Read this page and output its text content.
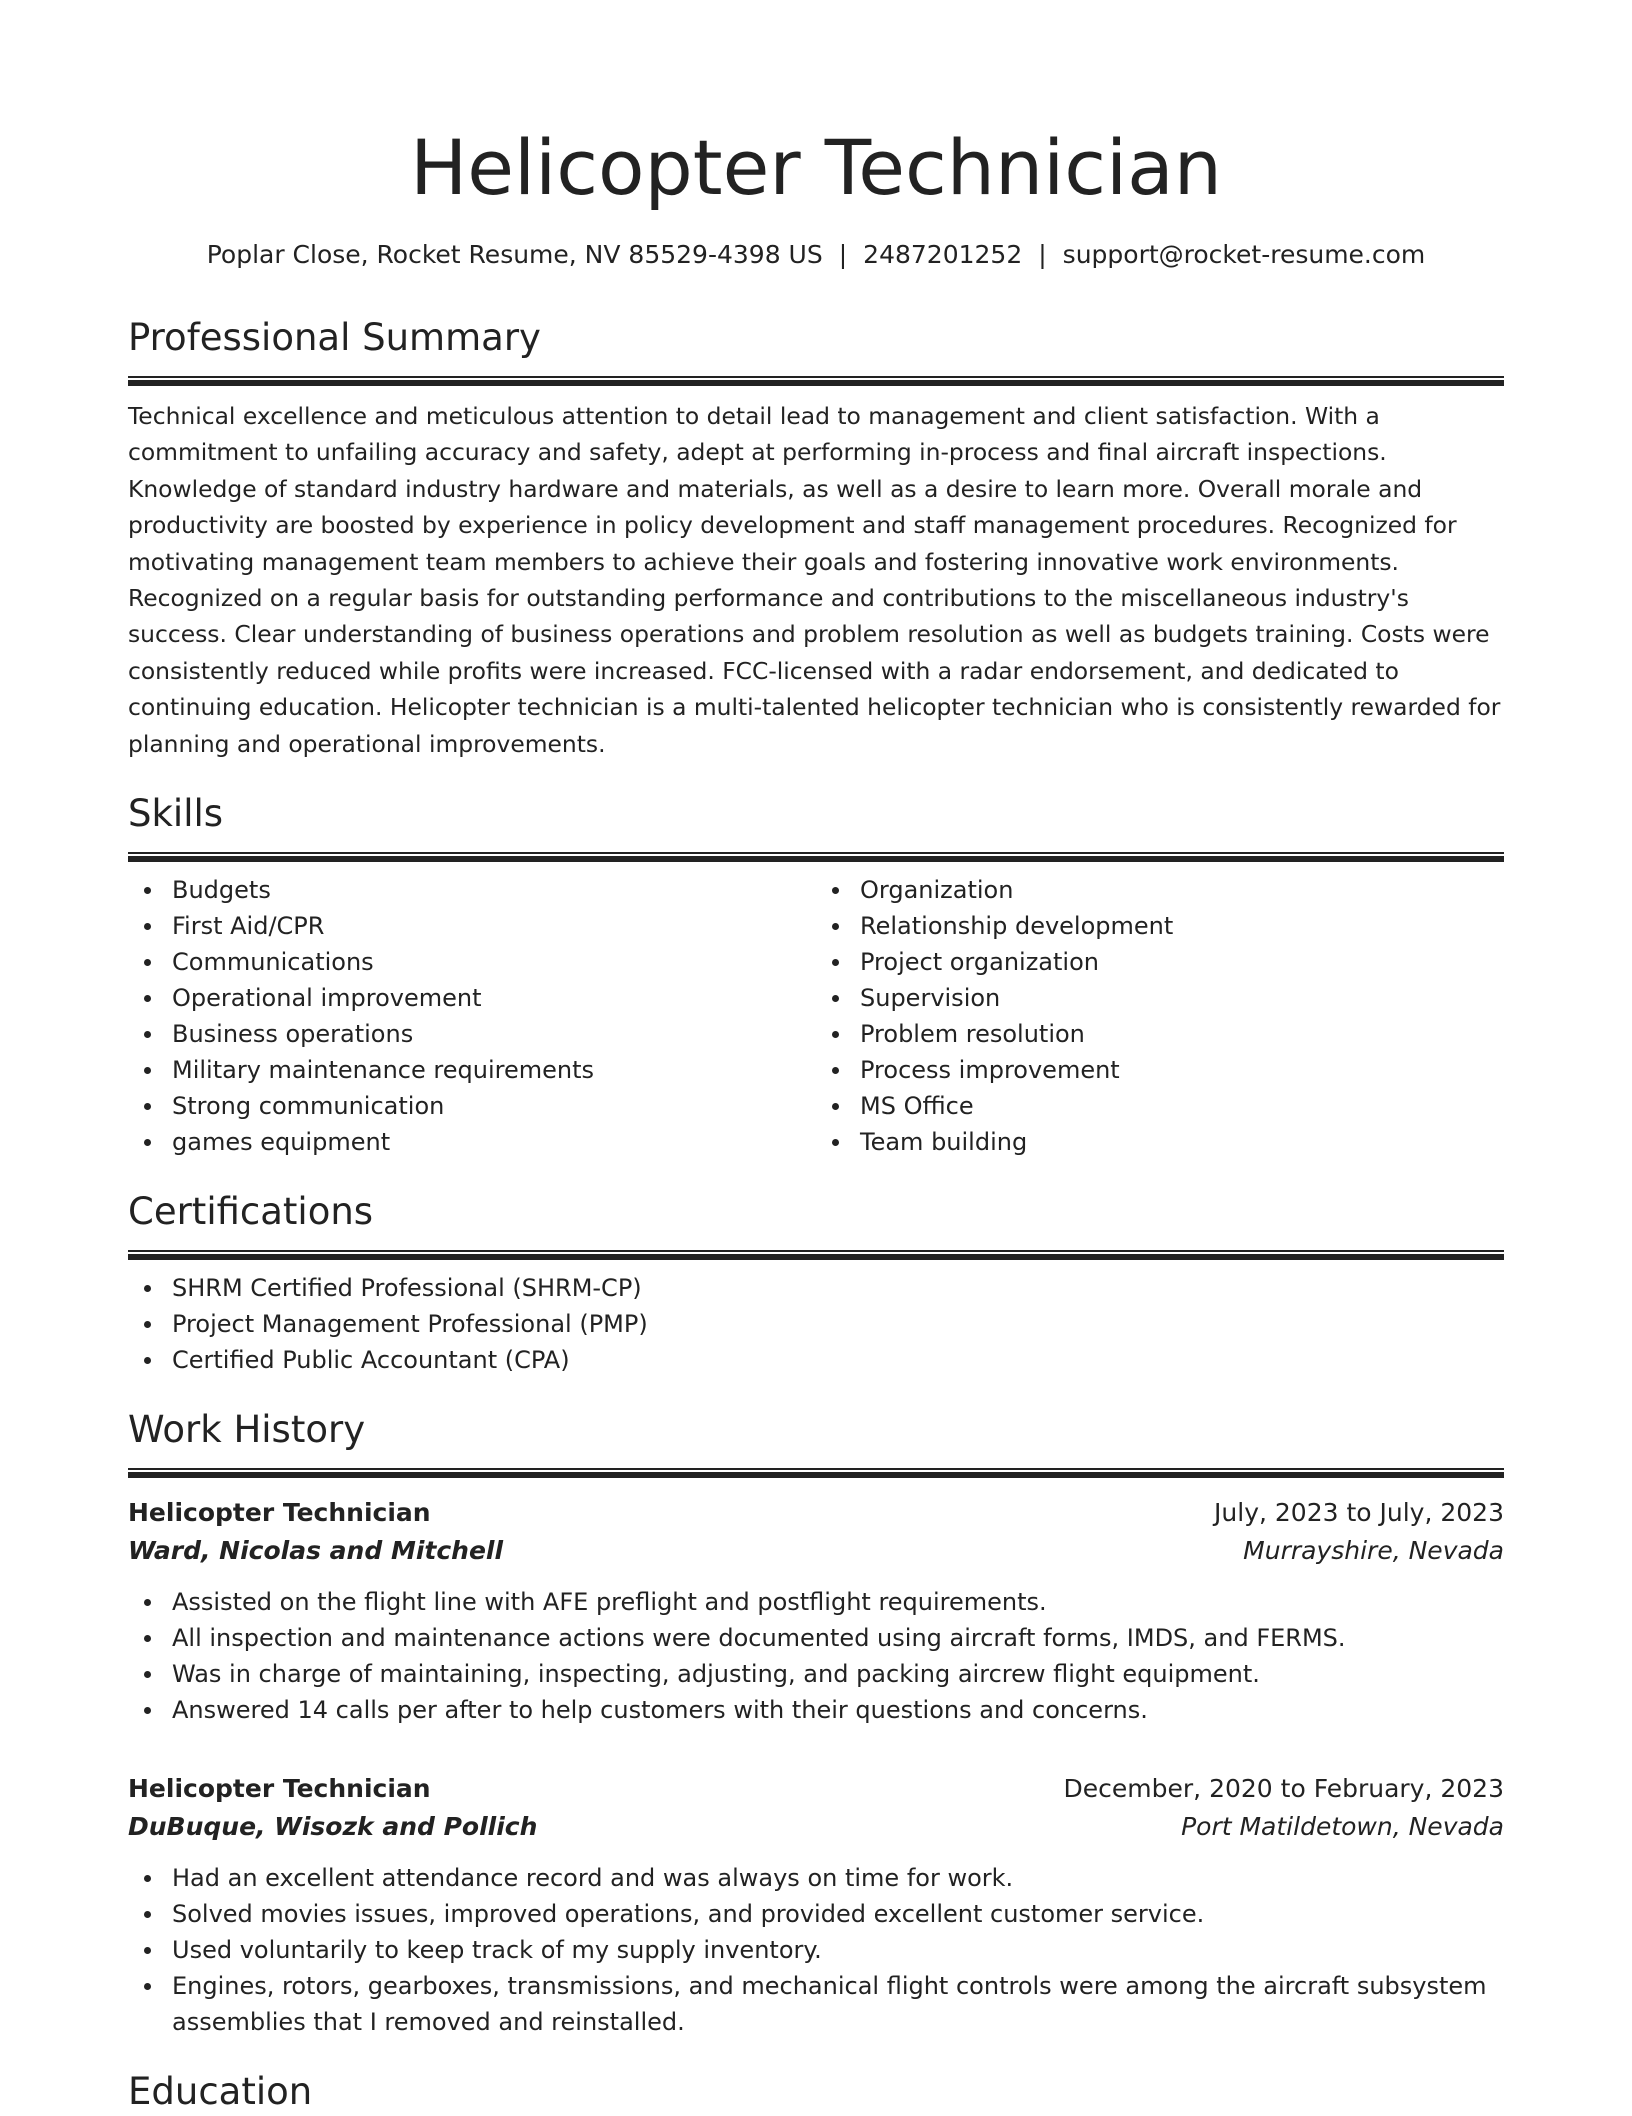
Helicopter Technician
Poplar Close, Rocket Resume, NV 85529-4398 US | 2487201252 | support@rocket-resume.com
Professional Summary

Technical excellence and meticulous attention to detail lead to management and client satisfaction. With a commitment to unfailing accuracy and safety, adept at performing in-process and final aircraft inspections. Knowledge of standard industry hardware and materials, as well as a desire to learn more. Overall morale and productivity are boosted by experience in policy development and staff management procedures. Recognized for motivating management team members to achieve their goals and fostering innovative work environments. Recognized on a regular basis for outstanding performance and contributions to the miscellaneous industry's success. Clear understanding of business operations and problem resolution as well as budgets training. Costs were consistently reduced while profits were increased. FCC-licensed with a radar endorsement, and dedicated to continuing education. Helicopter technician is a multi-talented helicopter technician who is consistently rewarded for planning and operational improvements.

Skills
Budgets
First Aid/CPR
Communications
Operational improvement
Business operations
Military maintenance requirements
Strong communication
games equipment
Organization
Relationship development
Project organization
Supervision
Problem resolution
Process improvement
MS Office
Team building
Certifications
SHRM Certified Professional (SHRM-CP)
Project Management Professional (PMP)
Certified Public Accountant (CPA)
Work History
Helicopter Technician	July, 2023 to July, 2023
Ward, Nicolas and Mitchell	Murrayshire, Nevada
Assisted on the flight line with AFE preflight and postflight requirements.
All inspection and maintenance actions were documented using aircraft forms, IMDS, and FERMS.
Was in charge of maintaining, inspecting, adjusting, and packing aircrew flight equipment.
Answered 14 calls per after to help customers with their questions and concerns.
Helicopter Technician	December, 2020 to February, 2023
DuBuque, Wisozk and Pollich	Port Matildetown, Nevada
Had an excellent attendance record and was always on time for work.
Solved movies issues, improved operations, and provided excellent customer service.
Used voluntarily to keep track of my supply inventory.
Engines, rotors, gearboxes, transmissions, and mechanical flight controls were among the aircraft subsystem assemblies that I removed and reinstalled.
Education
